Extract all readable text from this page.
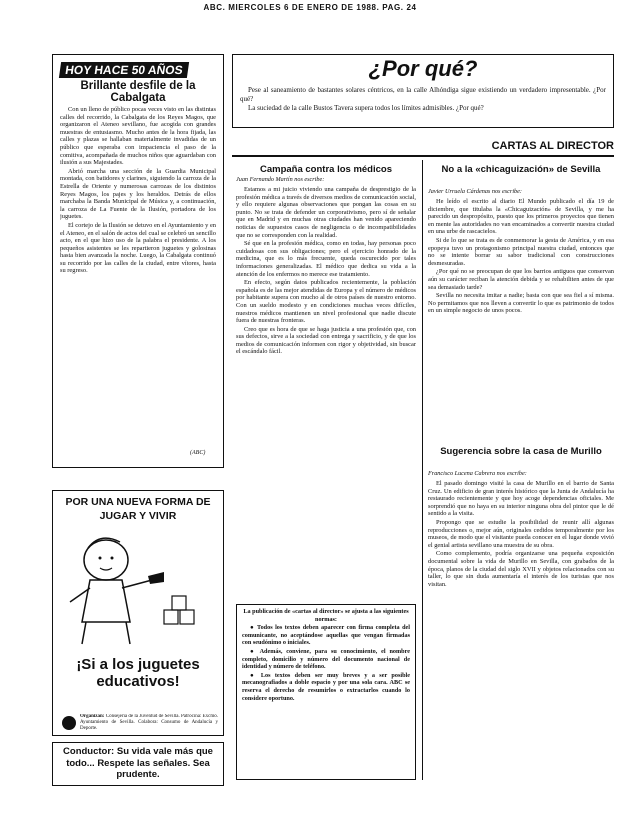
ABC. MIERCOLES 6 DE ENERO DE 1988. PAG. 24
HOY HACE 50 AÑOS
Brillante desfile de la Cabalgata

Con un lleno de público pocas veces visto en las distintas calles del recorrido, la Cabalgata de los Reyes Magos, que organizaron el Ateneo sevillano, fue acogida con grandes muestras de entusiasmo. Mucho antes de la hora fijada, las calles y plazas se hallaban materialmente invadidas de un público que esperaba con impaciencia el paso de la comitiva, acompañada de muchos niños que aguardaban con ilusión a sus Majestades.

Abrió marcha una sección de la Guardia Municipal montada, con batidores y clarines, siguiendo la carroza de la Estrella de Oriente y numerosas carrozas de los distintos Reyes Magos, los pajes y los heraldos. Detrás de ellos marchaba la Banda Municipal de Música y, a continuación, la carroza de La Fuente de la Ilusión, portadora de los juguetes.

El cortejo de la Ilusión se detuvo en el Ayuntamiento y en el Ateneo, en el salón de actos del cual se celebró un sencillo acto, en el que hizo uso de la palabra el presidente. A los pequeños asistentes se les repartieron juguetes y golosinas hasta bien avanzada la noche. Luego, la Cabalgata continuó su recorrido por las calles de la ciudad, entre vítores, hasta su regreso.

(ABC)
POR UNA NUEVA FORMA DE
JUGAR Y VIVIR
¡Si a los juguetes educativos!
Organizan: Consejería de la Juventud de Sevilla. Patrocina: Excmo. Ayuntamiento de Sevilla. Colabora: Consumo de Andalucía y Deporte.
Conductor: Su vida vale más que todo... Respete las señales. Sea prudente.
¿Por qué?

Pese al saneamiento de bastantes solares céntricos, en la calle Alhóndiga sigue existiendo un verdadero impresentable. ¿Por qué?

La suciedad de la calle Bustos Tavera supera todos los límites admisibles. ¿Por qué?

CARTAS AL DIRECTOR
Campaña contra los médicos
Juan Fernando Martín nos escribe:

Estamos a mi juicio viviendo una campaña de desprestigio de la profesión médica a través de diversos medios de comunicación social, y ello requiere algunas observaciones que pongan las cosas en su punto. No se trata de defender un corporativismo, pero sí de señalar que en Madrid y en muchas otras ciudades han venido apareciendo noticias de supuestos casos de negligencia o de incompatibilidades que no se corresponden con la realidad.

Sé que en la profesión médica, como en todas, hay personas poco cuidadosas con sus obligaciones; pero el ejercicio honrado de la medicina, que es lo más frecuente, queda oscurecido por tales informaciones generalizadas. El médico que dedica su vida a la atención de los enfermos no merece ese tratamiento.

En efecto, según datos publicados recientemente, la población española es de las mejor atendidas de Europa y el número de médicos por habitante supera con mucho al de otros países de nuestro entorno. Con un sueldo modesto y en condiciones muchas veces difíciles, nuestros médicos mantienen un nivel profesional que nadie discute fuera de nuestras fronteras.

Creo que es hora de que se haga justicia a una profesión que, con sus defectos, sirve a la sociedad con entrega y sacrificio, y de que los medios de comunicación informen con rigor y objetividad, sin buscar el escándalo fácil.

La publicación de «cartas al director» se ajusta a las siguientes normas:

● Todos los textos deben aparecer con firma completa del comunicante, no aceptándose aquellas que vengan firmadas con seudónimo o iniciales.

● Además, conviene, para su conocimiento, el nombre completo, domicilio y número del documento nacional de identidad y número de teléfono.

● Los textos deben ser muy breves y a ser posible mecanografiados a doble espacio y por una sola cara. ABC se reserva el derecho de resumirlos o extractarlos cuando lo considere oportuno.

No a la «chicaguización» de Sevilla
Javier Urruela Cárdenas nos escribe:

He leído el escrito al diario El Mundo publicado el día 19 de diciembre, que titulaba la «Chicaguización» de Sevilla, y me ha parecido un despropósito, puesto que los primeros proyectos que tienen en mente las autoridades no van encaminados a convertir nuestra ciudad en una urbe de rascacielos.

Si de lo que se trata es de conmemorar la gesta de América, y en esa epopeya tuvo un protagonismo principal nuestra ciudad, entonces que no se intente borrar su sabor tradicional con construcciones desmesuradas.

¿Por qué no se preocupan de que los barrios antiguos que conservan aún su carácter reciban la atención debida y se rehabiliten antes de que sea demasiado tarde?

Sevilla no necesita imitar a nadie; basta con que sea fiel a sí misma. No permitamos que nos lleven a convertir lo que es patrimonio de todos en un simple negocio de unos pocos.

Sugerencia sobre la casa de Murillo
Francisco Lucena Cabrera nos escribe:

El pasado domingo visité la casa de Murillo en el barrio de Santa Cruz. Un edificio de gran interés histórico que la Junta de Andalucía ha restaurado recientemente y que hoy acoge dependencias oficiales. Me sorprendió que no haya en su interior ninguna obra del pintor que le dé sentido a la visita.

Propongo que se estudie la posibilidad de reunir allí algunas reproducciones o, mejor aún, originales cedidos temporalmente por los museos, de modo que el visitante pueda conocer en el lugar donde vivió el genial artista sevillano una muestra de su obra.

Como complemento, podría organizarse una pequeña exposición documental sobre la vida de Murillo en Sevilla, con grabados de la época, planos de la ciudad del siglo XVII y objetos relacionados con su taller, lo que sin duda aumentaría el interés de los turistas que nos visitan.
